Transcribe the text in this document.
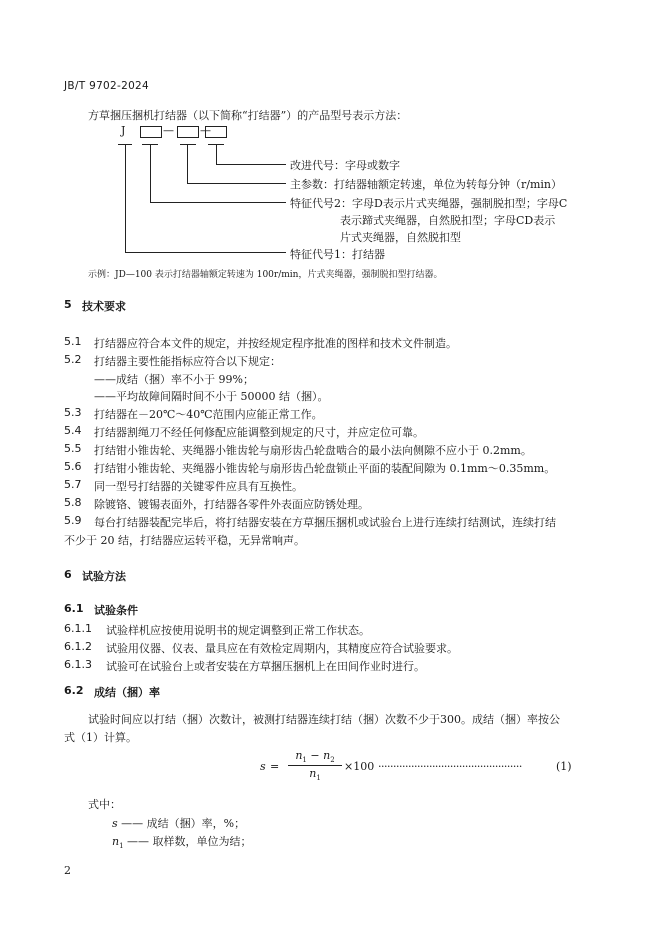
JB/T 9702-2024
方草捆压捆机打结器（以下简称“打结器”）的产品型号表示方法：
J	— —
改进代号：字母或数字
主参数：打结器轴额定转速，单位为转每分钟（r/min）
特征代号2：字母D表示片式夹绳器，强制脱扣型；字母C
表示蹄式夹绳器，自然脱扣型；字母CD表示
片式夹绳器，自然脱扣型
特征代号1：打结器
示例：JD—100 表示打结器轴额定转速为 100r/min，片式夹绳器，强制脱扣型打结器。
5 技术要求
5.1 打结器应符合本文件的规定，并按经规定程序批准的图样和技术文件制造。
5.2 打结器主要性能指标应符合以下规定：
——成结（捆）率不小于 99%；
——平均故障间隔时间不小于 50000 结（捆）。
5.3 打结器在－20℃～40℃范围内应能正常工作。
5.4 打结器割绳刀不经任何修配应能调整到规定的尺寸，并应定位可靠。
5.5 打结钳小锥齿轮、夹绳器小锥齿轮与扇形齿凸轮盘啮合的最小法向侧隙不应小于 0.2mm。
5.6 打结钳小锥齿轮、夹绳器小锥齿轮与扇形齿凸轮盘锁止平面的装配间隙为 0.1mm～0.35mm。
5.7 同一型号打结器的关键零件应具有互换性。
5.8 除镀铬、镀锡表面外，打结器各零件外表面应防锈处理。
5.9 每台打结器装配完毕后，将打结器安装在方草捆压捆机或试验台上进行连续打结测试，连续打结
不少于 20 结，打结器应运转平稳，无异常响声。
6 试验方法
6.1 试验条件
6.1.1 试验样机应按使用说明书的规定调整到正常工作状态。
6.1.2 试验用仪器、仪表、量具应在有效检定周期内，其精度应符合试验要求。
6.1.3 试验可在试验台上或者安装在方草捆压捆机上在田间作业时进行。
6.2 成结（捆）率
试验时间应以打结（捆）次数计，被测打结器连续打结（捆）次数不少于300。成结（捆）率按公
式（1）计算。
$s = \frac{n_1 - n_2}{n_1} \times 100$ ················································	(1)
式中：
s —— 成结（捆）率，%；
$n_1$ —— 取样数，单位为结；
2
